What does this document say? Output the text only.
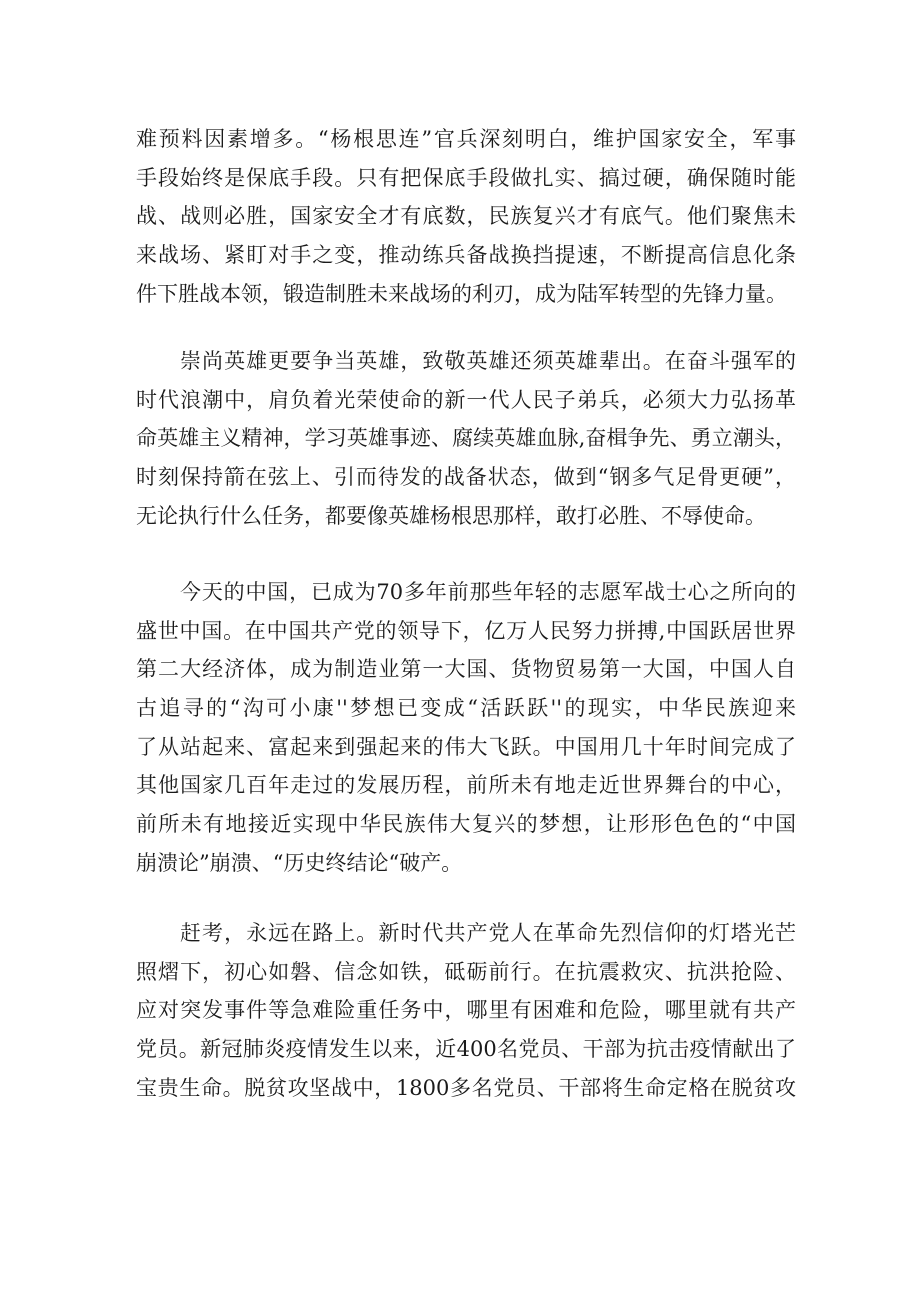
难预料因素增多。“杨根思连”官兵深刻明白，维护国家安全，军事
手段始终是保底手段。只有把保底手段做扎实、搞过硬，确保随时能
战、战则必胜，国家安全才有底数，民族复兴才有底气。他们聚焦未
来战场、紧盯对手之变，推动练兵备战换挡提速，不断提高信息化条
件下胜战本领，锻造制胜未来战场的利刃，成为陆军转型的先锋力量。
崇尚英雄更要争当英雄，致敬英雄还须英雄辈出。在奋斗强军的
时代浪潮中，肩负着光荣使命的新一代人民子弟兵，必须大力弘扬革
命英雄主义精神，学习英雄事迹、腐续英雄血脉,奋楫争先、勇立潮头，
时刻保持箭在弦上、引而待发的战备状态，做到“钢多气足骨更硬”，
无论执行什么任务，都要像英雄杨根思那样，敢打必胜、不辱使命。
今天的中国，已成为70多年前那些年轻的志愿军战士心之所向的
盛世中国。在中国共产党的领导下，亿万人民努力拼搏,中国跃居世界
第二大经济体，成为制造业第一大国、货物贸易第一大国，中国人自
古追寻的“沟可小康''梦想已变成“活跃跃''的现实，中华民族迎来
了从站起来、富起来到强起来的伟大飞跃。中国用几十年时间完成了
其他国家几百年走过的发展历程，前所未有地走近世界舞台的中心，
前所未有地接近实现中华民族伟大复兴的梦想，让形形色色的“中国
崩溃论”崩溃、“历史终结论“破产。
赶考，永远在路上。新时代共产党人在革命先烈信仰的灯塔光芒
照熠下，初心如磐、信念如铁，砥砺前行。在抗震救灾、抗洪抢险、
应对突发事件等急难险重任务中，哪里有困难和危险，哪里就有共产
党员。新冠肺炎疫情发生以来，近400名党员、干部为抗击疫情献出了
宝贵生命。脱贫攻坚战中，1800多名党员、干部将生命定格在脱贫攻
